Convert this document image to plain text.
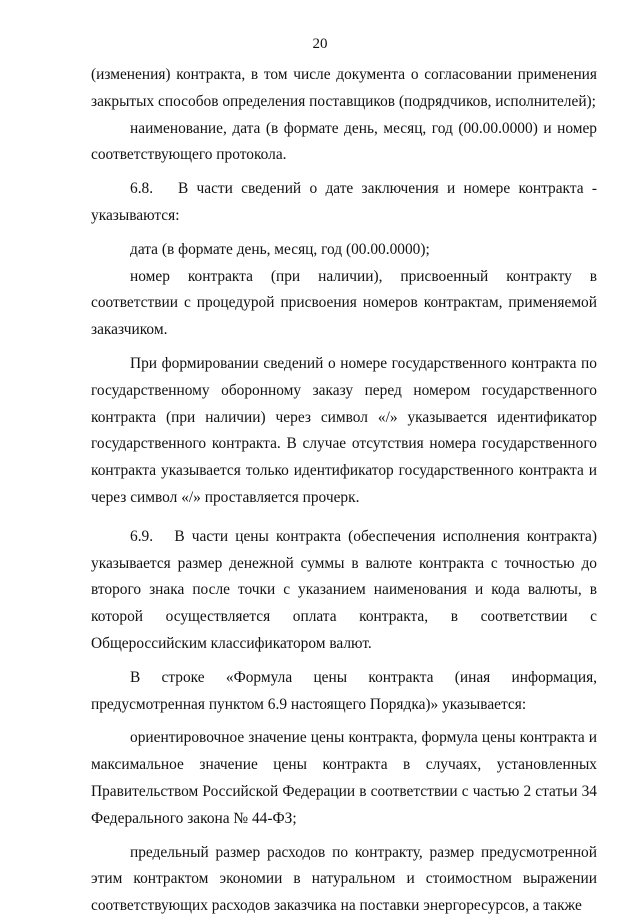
20

(изменения) контракта, в том числе документа о согласовании применения закрытых способов определения поставщиков (подрядчиков, исполнителей);

наименование, дата (в формате день, месяц, год (00.00.0000) и номер соответствующего протокола.

6.8.   В части сведений о дате заключения и номере контракта - указываются:

дата (в формате день, месяц, год (00.00.0000);

номер контракта (при наличии), присвоенный контракту в соответствии с процедурой присвоения номеров контрактам, применяемой заказчиком.

При формировании сведений о номере государственного контракта по государственному оборонному заказу перед номером государственного контракта (при наличии) через символ «/» указывается идентификатор государственного контракта. В случае отсутствия номера государственного контракта указывается только идентификатор государственного контракта и через символ «/» проставляется прочерк.

6.9.   В части цены контракта (обеспечения исполнения контракта) указывается размер денежной суммы в валюте контракта с точностью до второго знака после точки с указанием наименования и кода валюты, в которой осуществляется оплата контракта, в соответствии с Общероссийским классификатором валют.

В строке «Формула цены контракта (иная информация, предусмотренная пунктом 6.9 настоящего Порядка)» указывается:

ориентировочное значение цены контракта, формула цены контракта и максимальное значение цены контракта в случаях, установленных Правительством Российской Федерации в соответствии с частью 2 статьи 34 Федерального закона № 44-ФЗ;

предельный размер расходов по контракту, размер предусмотренной этим контрактом экономии в натуральном и стоимостном выражении соответствующих расходов заказчика на поставки энергоресурсов, а также
